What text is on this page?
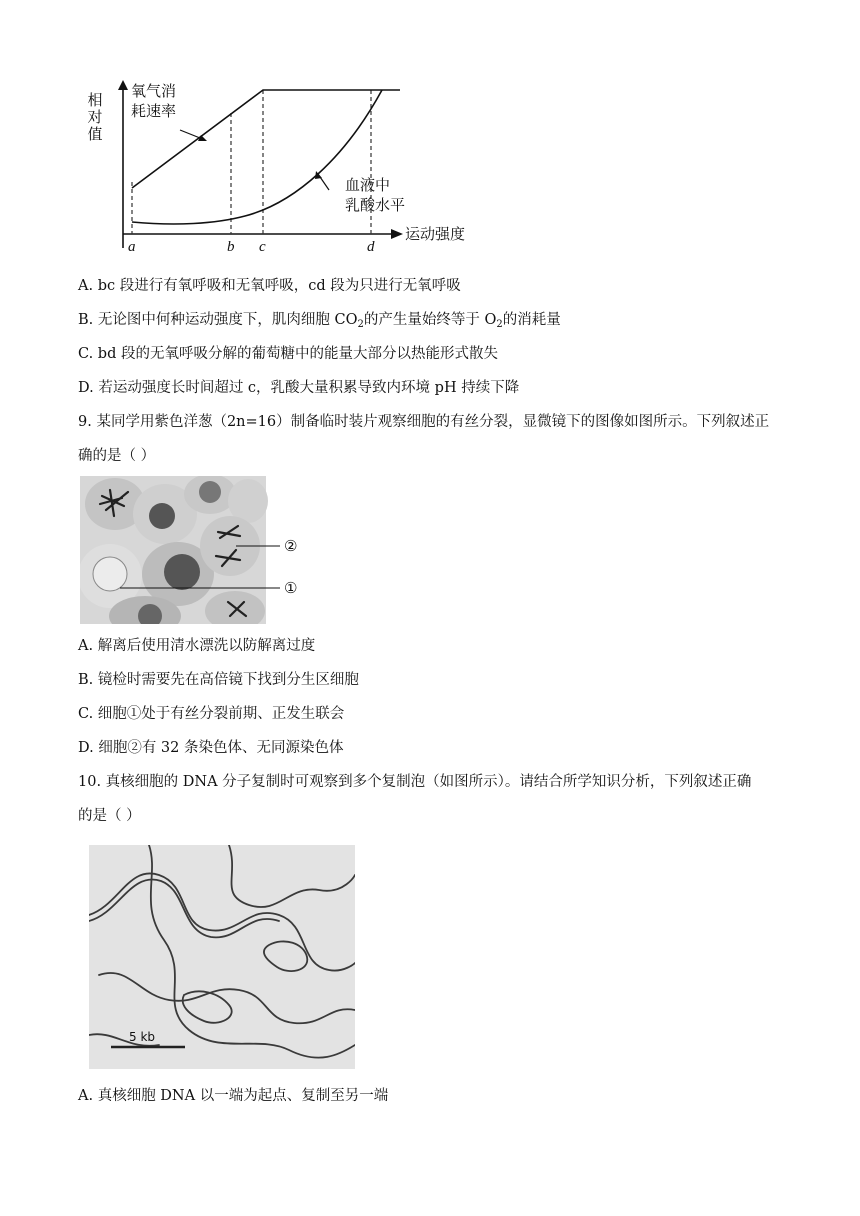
相对值
氧气消
耗速率
血液中
乳酸水平
运动强度
a	b c	d
A. bc 段进行有氧呼吸和无氧呼吸，cd 段为只进行无氧呼吸
B. 无论图中何种运动强度下，肌肉细胞 $CO_2$的产生量始终等于 $O_2$的消耗量
C. bd 段的无氧呼吸分解的葡萄糖中的能量大部分以热能形式散失
D. 若运动强度长时间超过 c，乳酸大量积累导致内环境 pH 持续下降
9. 某同学用紫色洋葱（2n=16）制备临时装片观察细胞的有丝分裂，显微镜下的图像如图所示。下列叙述正
确的是（ ）
②
①
A. 解离后使用清水漂洗以防解离过度
B. 镜检时需要先在高倍镜下找到分生区细胞
C. 细胞①处于有丝分裂前期、正发生联会
D. 细胞②有 32 条染色体、无同源染色体
10. 真核细胞的 DNA 分子复制时可观察到多个复制泡（如图所示）。请结合所学知识分析，下列叙述正确
的是（ ）
5 kb
A. 真核细胞 DNA 以一端为起点、复制至另一端
